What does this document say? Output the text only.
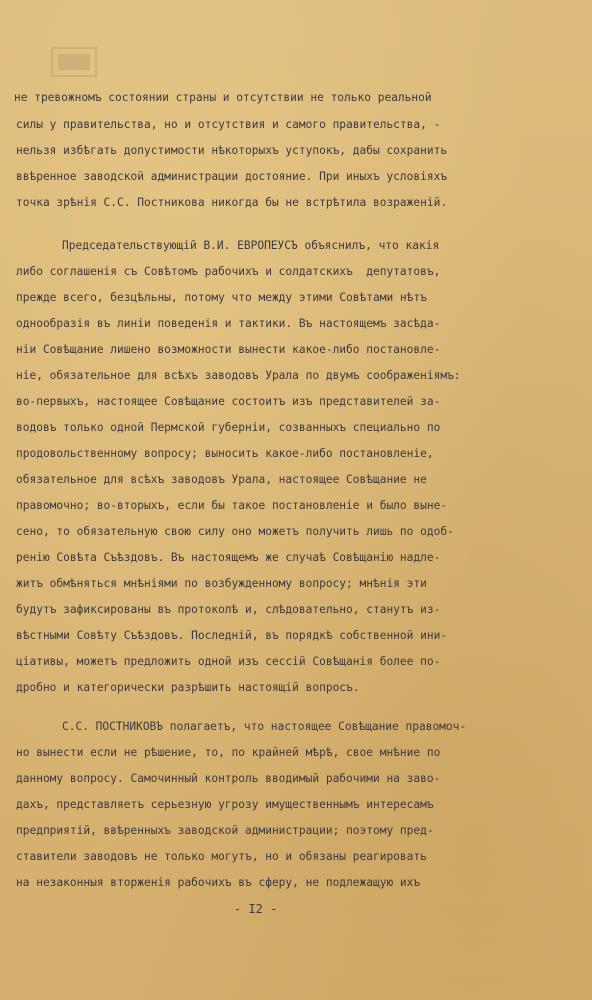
не тревожномъ состоянии страны и отсутствии не только реальной
силы у правительства, но и отсутствия и самого правительства, -
нельзя избѣгать допустимости нѣкоторыхъ уступокъ, дабы сохранить
ввѣренное заводской администрации достояние. При иныхъ условiяхъ
точка зрѣнiя С.С. Постникова никогда бы не встрѣтила возраженiй.
Председательствующiй В.И. ЕВРОПЕУСЪ объяснилъ, что какiя
либо соглашенiя съ Совѣтомъ рабочихъ и солдатскихъ  депутатовъ,
прежде всего, безцѣльны, потому что между этими Совѣтами нѣтъ
однообразiя въ линiи поведенiя и тактики. Въ настоящемъ засѣда-
нiи Совѣщание лишено возможности вынести какое-либо постановле-
нiе, обязательное для всѣхъ заводовъ Урала по двумъ соображенiямъ:
во-первыхъ, настоящее Совѣщание состоитъ изъ представителей за-
водовъ только одной Пермской губернiи, созванныхъ специально по
продовольственному вопросу; выносить какое-либо постановленiе,
обязательное для всѣхъ заводовъ Урала, настоящее Совѣщание не
правомочно; во-вторыхъ, если бы такое постановленiе и было выне-
сено, то обязательную свою силу оно можетъ получить лишь по одоб-
ренiю Совѣта Съѣздовъ. Въ настоящемъ же случаѣ Совѣщанiю надле-
житъ обмѣняться мнѣнiями по возбужденному вопросу; мнѣнiя эти
будутъ зафиксированы въ протоколѣ и, слѣдовательно, станутъ из-
вѣстными Совѣту Съѣздовъ. Последнiй, въ порядкѣ собственной ини-
цiативы, можетъ предложить одной изъ сессiй Совѣщанiя более по-
дробно и категорически разрѣшить настоящiй вопросъ.
С.С. ПОСТНИКОВЪ полагаетъ, что настоящее Совѣщание правомоч-
но вынести если не рѣшение, то, по крайней мѣрѣ, свое мнѣние по
данному вопросу. Самочинный контроль вводимый рабочими на заво-
дахъ, представляетъ серьезную угрозу имущественнымъ интересамъ
предприятiй, ввѣренныхъ заводской администрации; поэтому пред-
ставители заводовъ не только могутъ, но и обязаны реагировать
на незаконныя вторженiя рабочихъ въ сферу, не подлежащую ихъ
- I2 -
